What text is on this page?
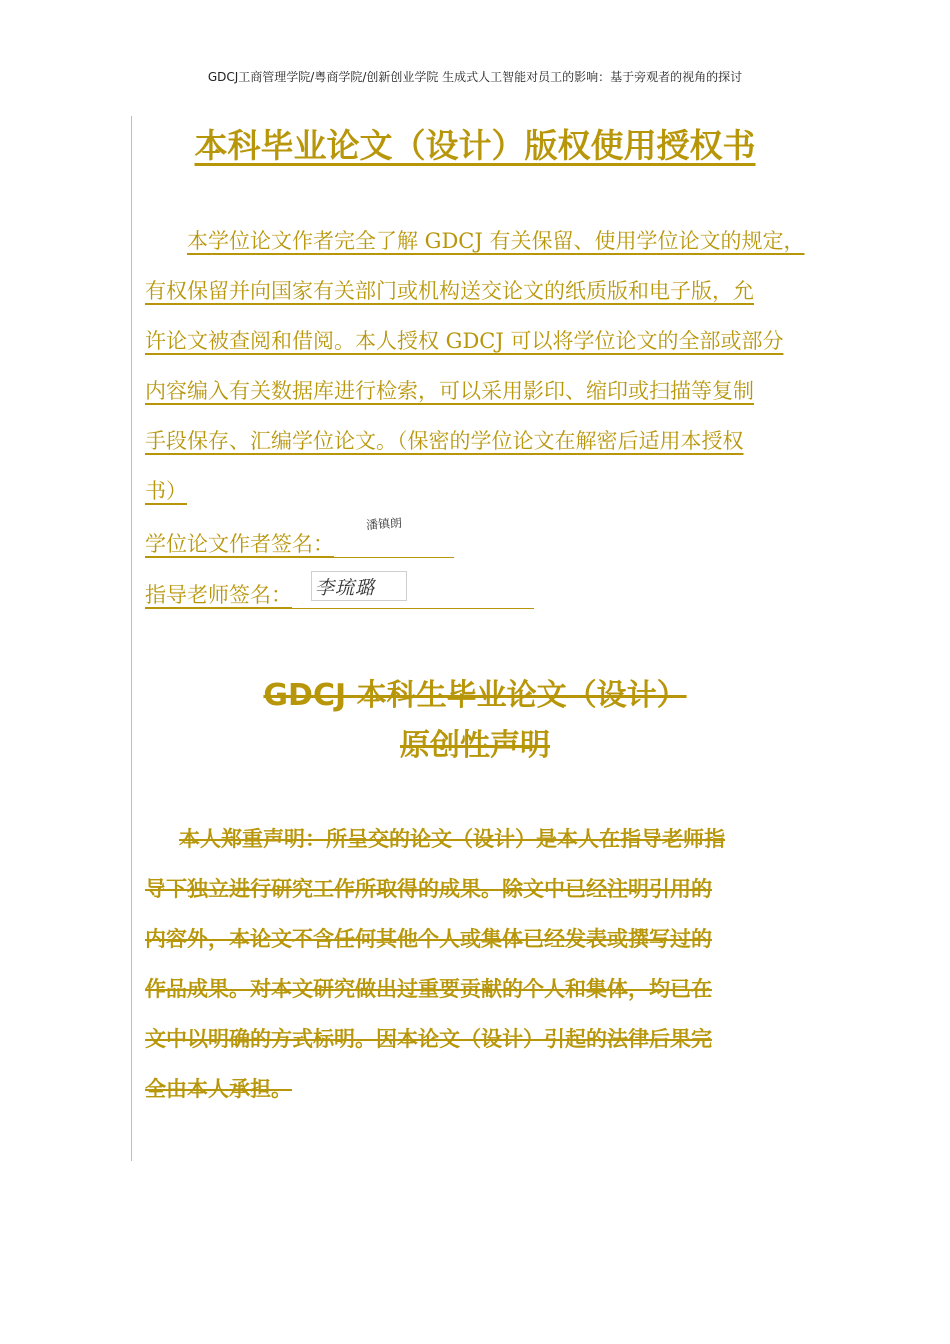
GDCJ工商管理学院/粤商学院/创新创业学院 生成式人工智能对员工的影响：基于旁观者的视角的探讨
本科毕业论文（设计）版权使用授权书
本学位论文作者完全了解 GDCJ 有关保留、使用学位论文的规定，
有权保留并向国家有关部门或机构送交论文的纸质版和电子版，允
许论文被查阅和借阅。本人授权 GDCJ 可以将学位论文的全部或部分
内容编入有关数据库进行检索，可以采用影印、缩印或扫描等复制
手段保存、汇编学位论文。（保密的学位论文在解密后适用本授权
书）
学位论文作者签名：
潘镇朗
指导老师签名：	李琉璐
GDCJ 本科生毕业论文（设计）
原创性声明
本人郑重声明：所呈交的论文（设计）是本人在指导老师指
导下独立进行研究工作所取得的成果。除文中已经注明引用的
内容外，本论文不含任何其他个人或集体已经发表或撰写过的
作品成果。对本文研究做出过重要贡献的个人和集体，均已在
文中以明确的方式标明。因本论文（设计）引起的法律后果完
全由本人承担。
